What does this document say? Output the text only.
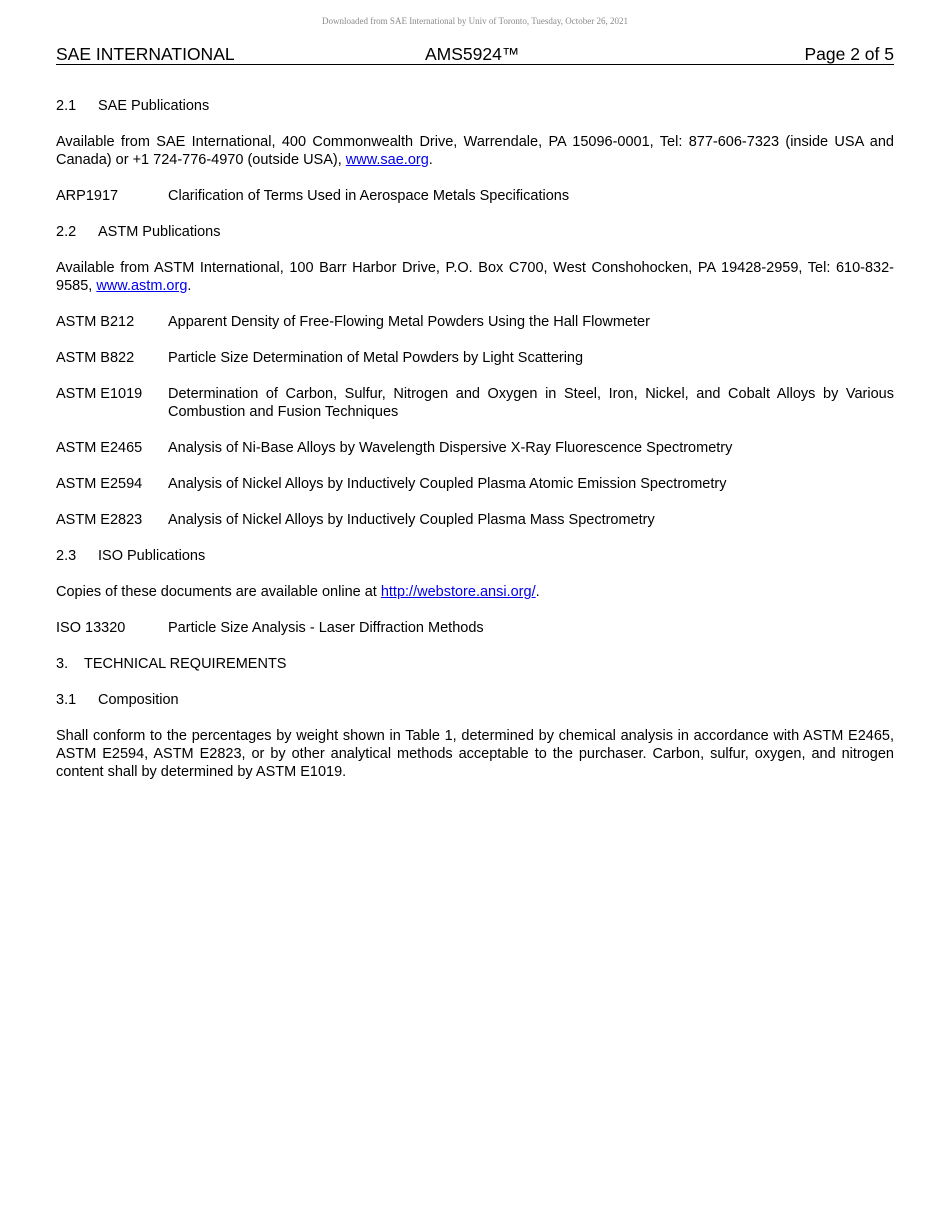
Downloaded from SAE International by Univ of Toronto, Tuesday, October 26, 2021
SAE INTERNATIONAL	AMS5924™	Page 2 of 5
2.1 SAE Publications

Available from SAE International, 400 Commonwealth Drive, Warrendale, PA 15096-0001, Tel: 877-606-7323 (inside USA and Canada) or +1 724-776-4970 (outside USA), www.sae.org.

ARP1917	Clarification of Terms Used in Aerospace Metals Specifications
2.2 ASTM Publications

Available from ASTM International, 100 Barr Harbor Drive, P.O. Box C700, West Conshohocken, PA 19428-2959, Tel: 610-832-9585, www.astm.org.

ASTM B212	Apparent Density of Free-Flowing Metal Powders Using the Hall Flowmeter
ASTM B822	Particle Size Determination of Metal Powders by Light Scattering
ASTM E1019	Determination of Carbon, Sulfur, Nitrogen and Oxygen in Steel, Iron, Nickel, and Cobalt Alloys by Various Combustion and Fusion Techniques
ASTM E2465	Analysis of Ni-Base Alloys by Wavelength Dispersive X-Ray Fluorescence Spectrometry
ASTM E2594	Analysis of Nickel Alloys by Inductively Coupled Plasma Atomic Emission Spectrometry
ASTM E2823	Analysis of Nickel Alloys by Inductively Coupled Plasma Mass Spectrometry
2.3 ISO Publications

Copies of these documents are available online at http://webstore.ansi.org/.

ISO 13320	Particle Size Analysis - Laser Diffraction Methods
3. TECHNICAL REQUIREMENTS
3.1 Composition

Shall conform to the percentages by weight shown in Table 1, determined by chemical analysis in accordance with ASTM E2465, ASTM E2594, ASTM E2823, or by other analytical methods acceptable to the purchaser. Carbon, sulfur, oxygen, and nitrogen content shall by determined by ASTM E1019.
